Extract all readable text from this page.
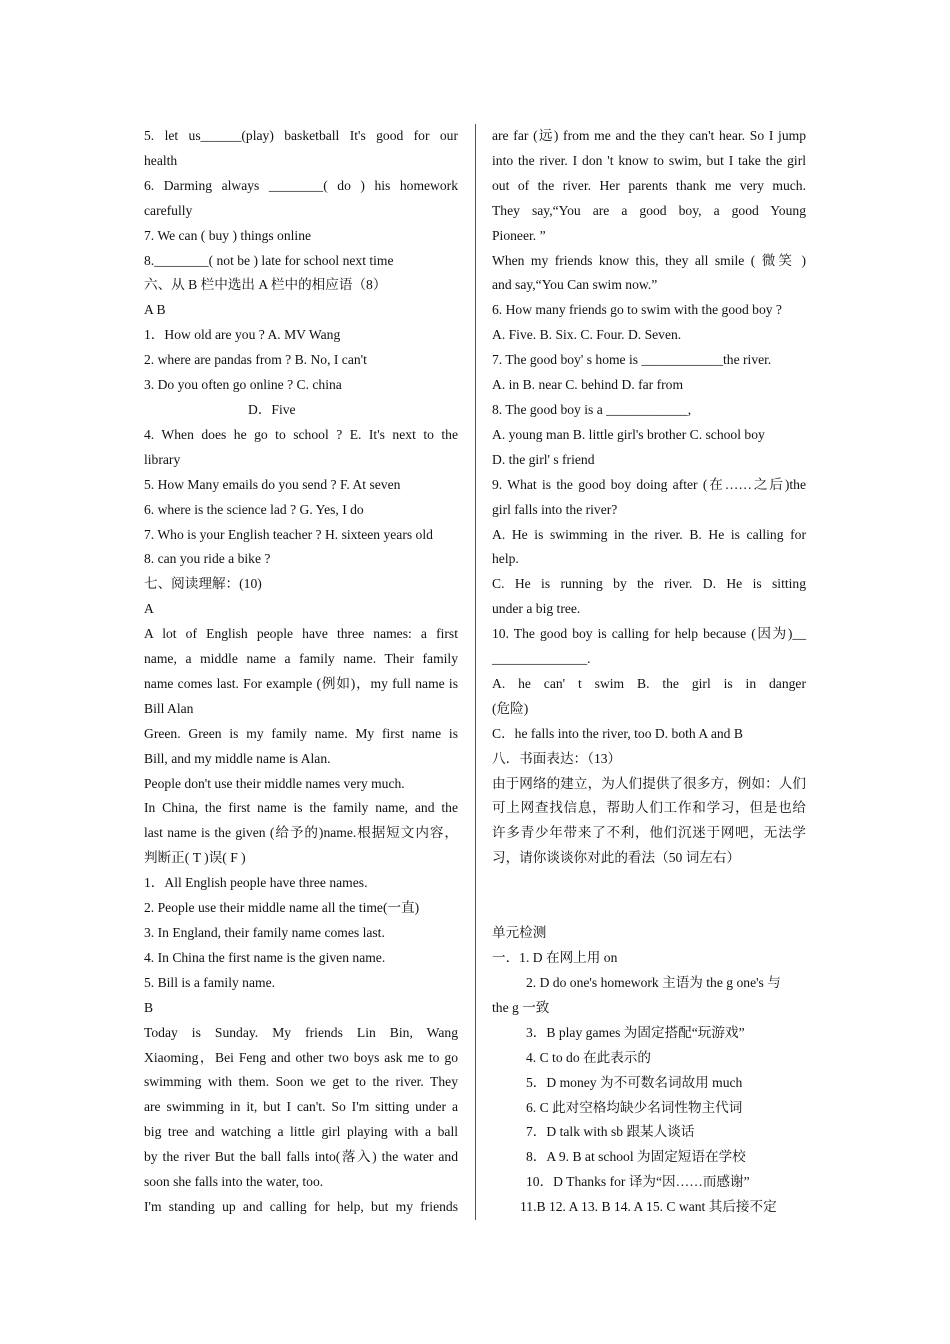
5. let us______(play) basketball It's good for our
health
6. Darming always ________( do ) his homework
carefully
7. We can ( buy ) things online
8.________( not be ) late for school next time
六、从 B 栏中选出 A 栏中的相应语（8）
A B
1．How old are you ? A. MV Wang
2. where are pandas from ? B. No, I can't
3. Do you often go online ? C. china
D．Five
4. When does he go to school ? E. It's next to the
library
5. How Many emails do you send ? F. At seven
6. where is the science lad ? G. Yes, I do
7. Who is your English teacher ? H. sixteen years old
8. can you ride a bike ?
七、阅读理解：(10)
A
A lot of English people have three names: a first
name, a middle name a family name. Their family
name comes last. For example (例如)，my full name is
Bill Alan
Green. Green is my family name. My first name is
Bill, and my middle name is Alan.
People don't use their middle names very much.
In China, the first name is the family name, and the
last name is the given (给予的)name.根据短文内容，
判断正( T )误( F )
1．All English people have three names.
2. People use their middle name all the time(一直)
3. In England, their family name comes last.
4. In China the first name is the given name.
5. Bill is a family name.
B
Today is Sunday. My friends Lin Bin, Wang
Xiaoming，Bei Feng and other two boys ask me to go
swimming with them. Soon we get to the river. They
are swimming in it, but I can't. So I'm sitting under a
big tree and watching a little girl playing with a ball
by the river But the ball falls into(落入) the water and
soon she falls into the water, too.
I'm standing up and calling for help, but my friends
are far (远) from me and the they can't hear. So I jump
into the river. I don 't know to swim, but I take the girl
out of the river. Her parents thank me very much.
They say,“You are a good boy, a good Young
Pioneer. ”
When my friends know this, they all smile ( 微笑 )
and say,“You Can swim now.”
6. How many friends go to swim with the good boy ?
A. Five. B. Six. C. Four. D. Seven.
7. The good boy' s home is ____________the river.
A. in B. near C. behind D. far from
8. The good boy is a ____________,
A. young man B. little girl's brother C. school boy
D. the girl' s friend
9. What is the good boy doing after (在……之后)the
girl falls into the river?
A. He is swimming in the river. B. He is calling for
help.
C. He is running by the river. D. He is sitting
under a big tree.
10. The good boy is calling for help because (因为)__
______________.
A. he can' t swim B. the girl is in danger
(危险)
C．he falls into the river, too D. both A and B
八．书面表达：（13）
由于网络的建立，为人们提供了很多方，例如：人们
可上网查找信息，帮助人们工作和学习，但是也给
许多青少年带来了不利，他们沉迷于网吧，无法学
习，请你谈谈你对此的看法（50 词左右）
单元检测
一．1. D 在网上用 on
2. D do one's homework 主语为 the g one's 与
the g 一致
3．B play games 为固定搭配“玩游戏”
4. C to do 在此表示的
5．D money 为不可数名词故用 much
6. C 此对空格均缺少名词性物主代词
7．D talk with sb 跟某人谈话
8．A 9. B at school 为固定短语在学校
10．D Thanks for 译为“因……而感谢”
11.B 12. A 13. B 14. A 15. C want 其后接不定
